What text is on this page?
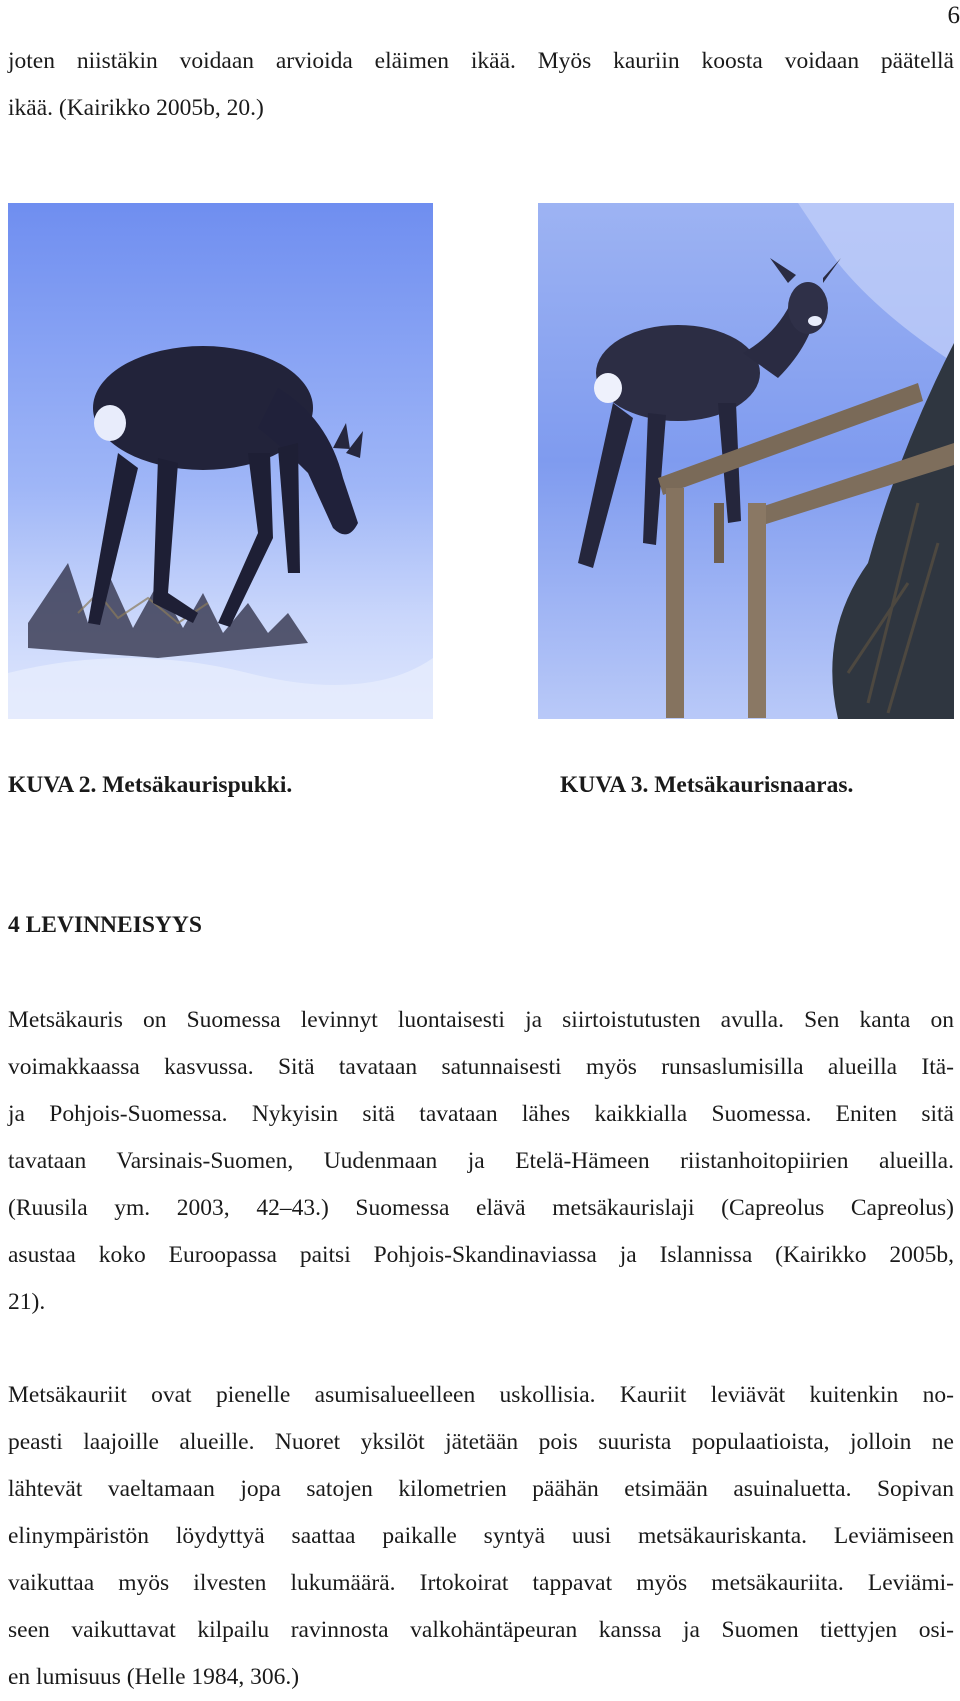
6
joten niistäkin voidaan arvioida eläimen ikää. Myös kauriin koosta voidaan päätellä
ikää. (Kairikko 2005b, 20.)
KUVA 2. Metsäkaurispukki.	KUVA 3. Metsäkaurisnaaras.
4 LEVINNEISYYS
Metsäkauris on Suomessa levinnyt luontaisesti ja siirtoistutusten avulla. Sen kanta on
voimakkaassa kasvussa. Sitä tavataan satunnaisesti myös runsaslumisilla alueilla Itä-
ja Pohjois-Suomessa. Nykyisin sitä tavataan lähes kaikkialla Suomessa. Eniten sitä
tavataan Varsinais-Suomen, Uudenmaan ja Etelä-Hämeen riistanhoitopiirien alueilla.
(Ruusila ym. 2003, 42–43.) Suomessa elävä metsäkaurislaji (Capreolus Capreolus)
asustaa koko Euroopassa paitsi Pohjois-Skandinaviassa ja Islannissa (Kairikko 2005b,
21).
Metsäkauriit ovat pienelle asumisalueelleen uskollisia. Kauriit leviävät kuitenkin no-
peasti laajoille alueille. Nuoret yksilöt jätetään pois suurista populaatioista, jolloin ne
lähtevät vaeltamaan jopa satojen kilometrien päähän etsimään asuinaluetta. Sopivan
elinympäristön löydyttyä saattaa paikalle syntyä uusi metsäkauriskanta. Leviämiseen
vaikuttaa myös ilvesten lukumäärä. Irtokoirat tappavat myös metsäkauriita. Leviämi-
seen vaikuttavat kilpailu ravinnosta valkohäntäpeuran kanssa ja Suomen tiettyjen osi-
en lumisuus (Helle 1984, 306.)
